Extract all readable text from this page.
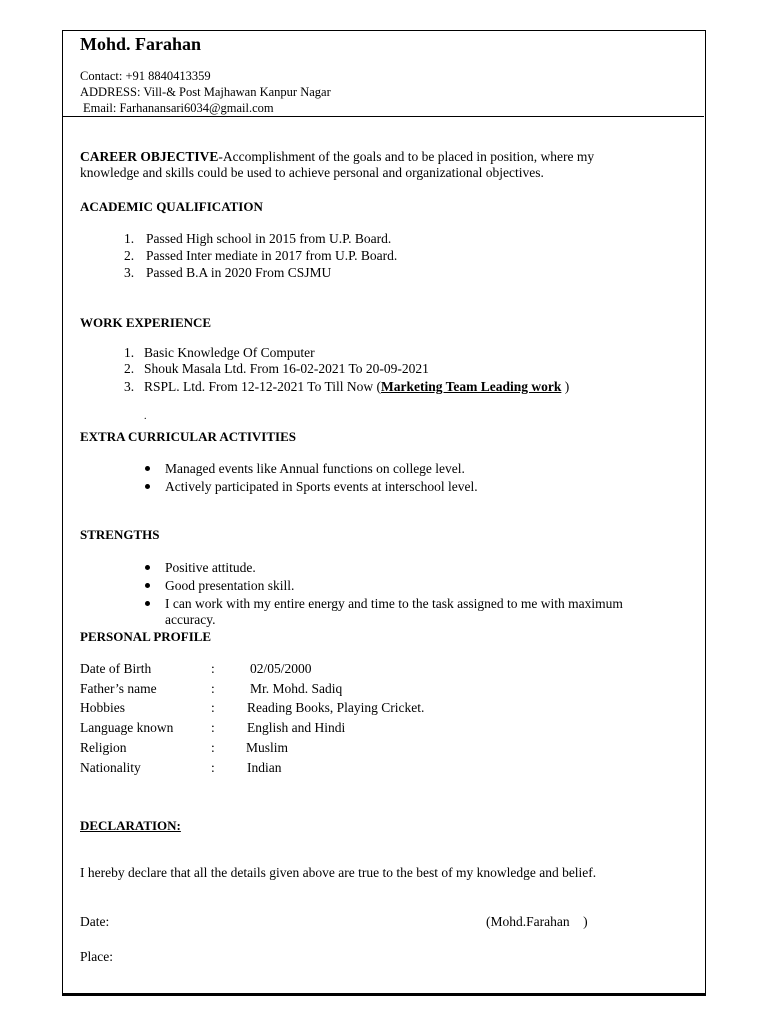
Mohd. Farahan
Contact: +91 8840413359
ADDRESS: Vill-& Post Majhawan Kanpur Nagar
Email: Farhanansari6034@gmail.com
CAREER OBJECTIVE-Accomplishment of the goals and to be placed in position, where my
knowledge and skills could be used to achieve personal and organizational objectives.
ACADEMIC QUALIFICATION
1. Passed High school in 2015 from U.P. Board.
2. Passed Inter mediate in 2017 from U.P. Board.
3. Passed B.A in 2020 From CSJMU
WORK EXPERIENCE
1. Basic Knowledge Of Computer
2. Shouk Masala Ltd. From 16-02-2021 To 20-09-2021
3. RSPL. Ltd. From 12-12-2021 To Till Now (Marketing Team Leading work )
.
EXTRA CURRICULAR ACTIVITIES
Managed events like Annual functions on college level.
Actively participated in Sports events at interschool level.
STRENGTHS
Positive attitude.
Good presentation skill.
I can work with my entire energy and time to the task assigned to me with maximum
accuracy.
PERSONAL PROFILE
Date of Birth	:	02/05/2000
Father’s name	:	Mr. Mohd. Sadiq
Hobbies	: Reading Books, Playing Cricket.
Language known	: English and Hindi
Religion	: Muslim
Nationality	: Indian
DECLARATION:
I hereby declare that all the details given above are true to the best of my knowledge and belief.
Date:	(Mohd.Farahan    )
Place:
